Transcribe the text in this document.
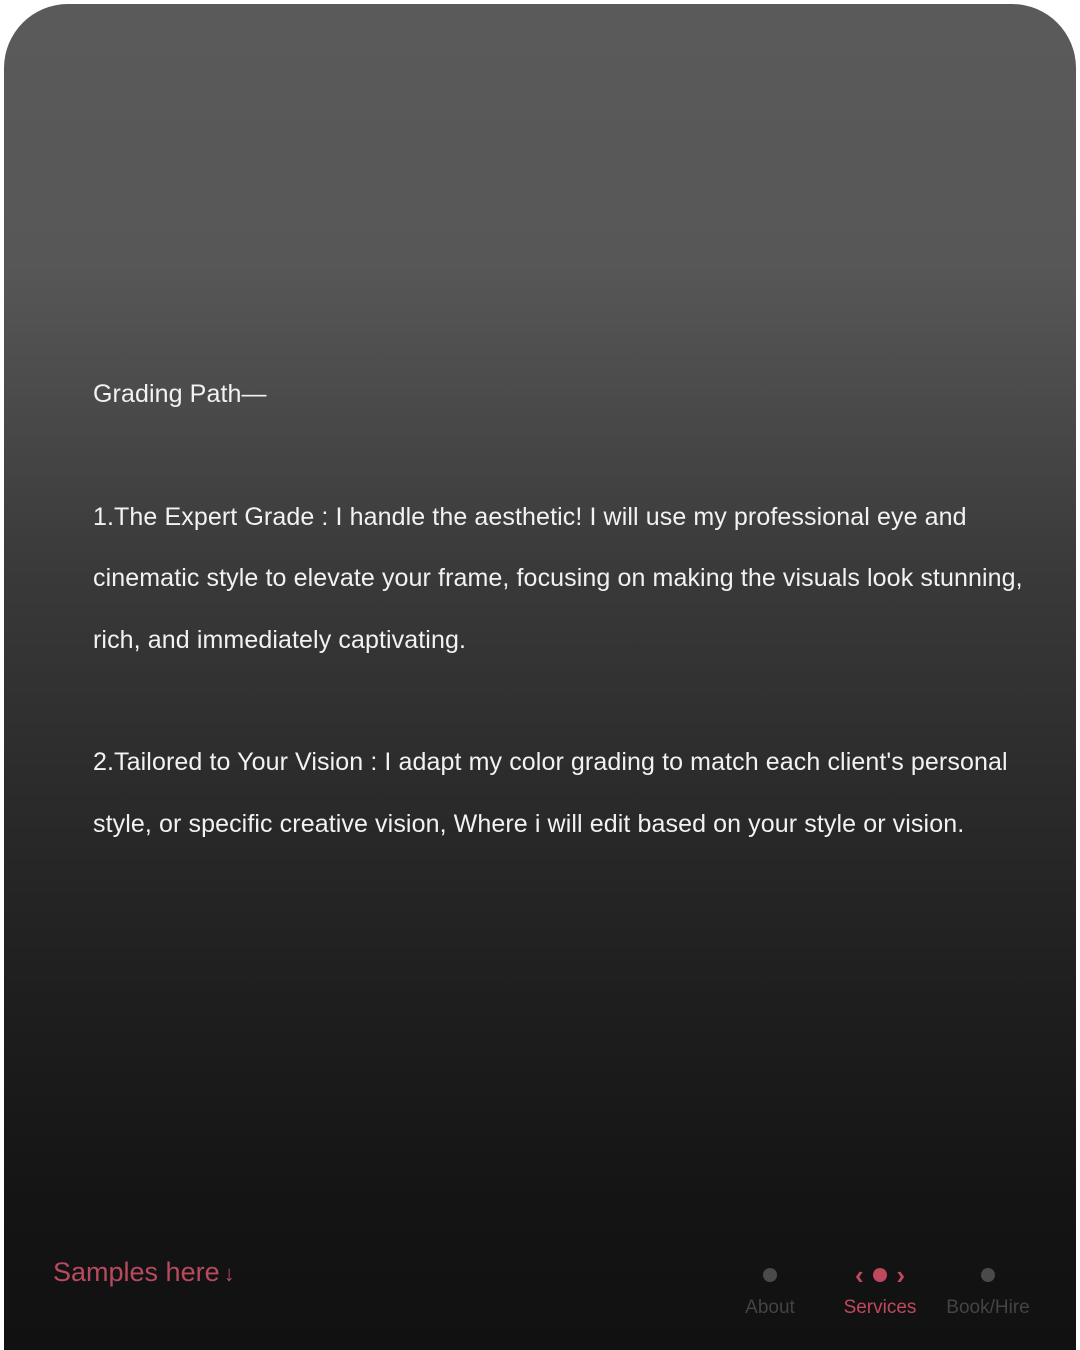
Grading Path—

1.The Expert Grade : I handle the aesthetic! I will use my professional eye and cinematic style to elevate your frame, focusing on making the visuals look stunning, rich, and immediately captivating.

2.Tailored to Your Vision : I adapt my color grading to match each client's personal style, or specific creative vision, Where i will edit based on your style or vision.

Samples here ↓
About
‹ ›
Services	Book/Hire
